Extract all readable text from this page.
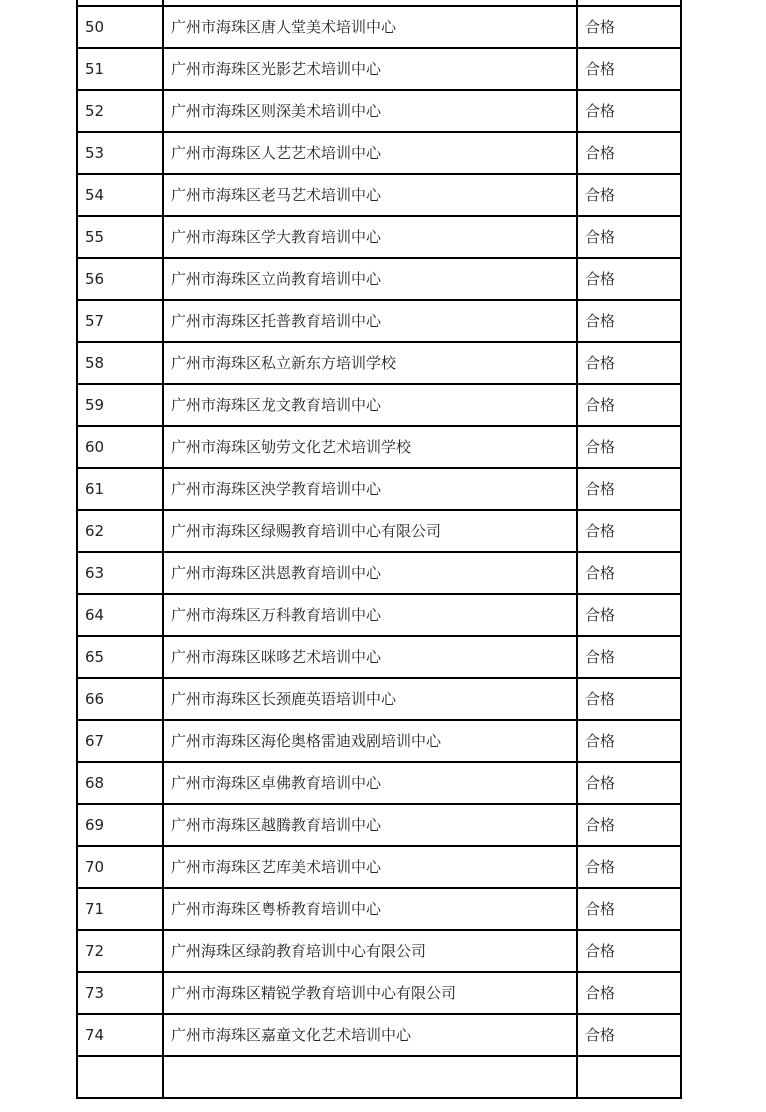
50	广州市海珠区唐人堂美术培训中心	合格
51	广州市海珠区光影艺术培训中心	合格
52	广州市海珠区则深美术培训中心	合格
53	广州市海珠区人艺艺术培训中心	合格
54	广州市海珠区老马艺术培训中心	合格
55	广州市海珠区学大教育培训中心	合格
56	广州市海珠区立尚教育培训中心	合格
57	广州市海珠区托普教育培训中心	合格
58	广州市海珠区私立新东方培训学校	合格
59	广州市海珠区龙文教育培训中心	合格
60	广州市海珠区劬劳文化艺术培训学校	合格
61	广州市海珠区泱学教育培训中心	合格
62	广州市海珠区绿赐教育培训中心有限公司	合格
63	广州市海珠区洪恩教育培训中心	合格
64	广州市海珠区万科教育培训中心	合格
65	广州市海珠区咪哆艺术培训中心	合格
66	广州市海珠区长颈鹿英语培训中心	合格
67	广州市海珠区海伦奥格雷迪戏剧培训中心	合格
68	广州市海珠区卓佛教育培训中心	合格
69	广州市海珠区越腾教育培训中心	合格
70	广州市海珠区艺库美术培训中心	合格
71	广州市海珠区粤桥教育培训中心	合格
72	广州海珠区绿韵教育培训中心有限公司	合格
73	广州市海珠区精锐学教育培训中心有限公司	合格
74	广州市海珠区嘉童文化艺术培训中心	合格
